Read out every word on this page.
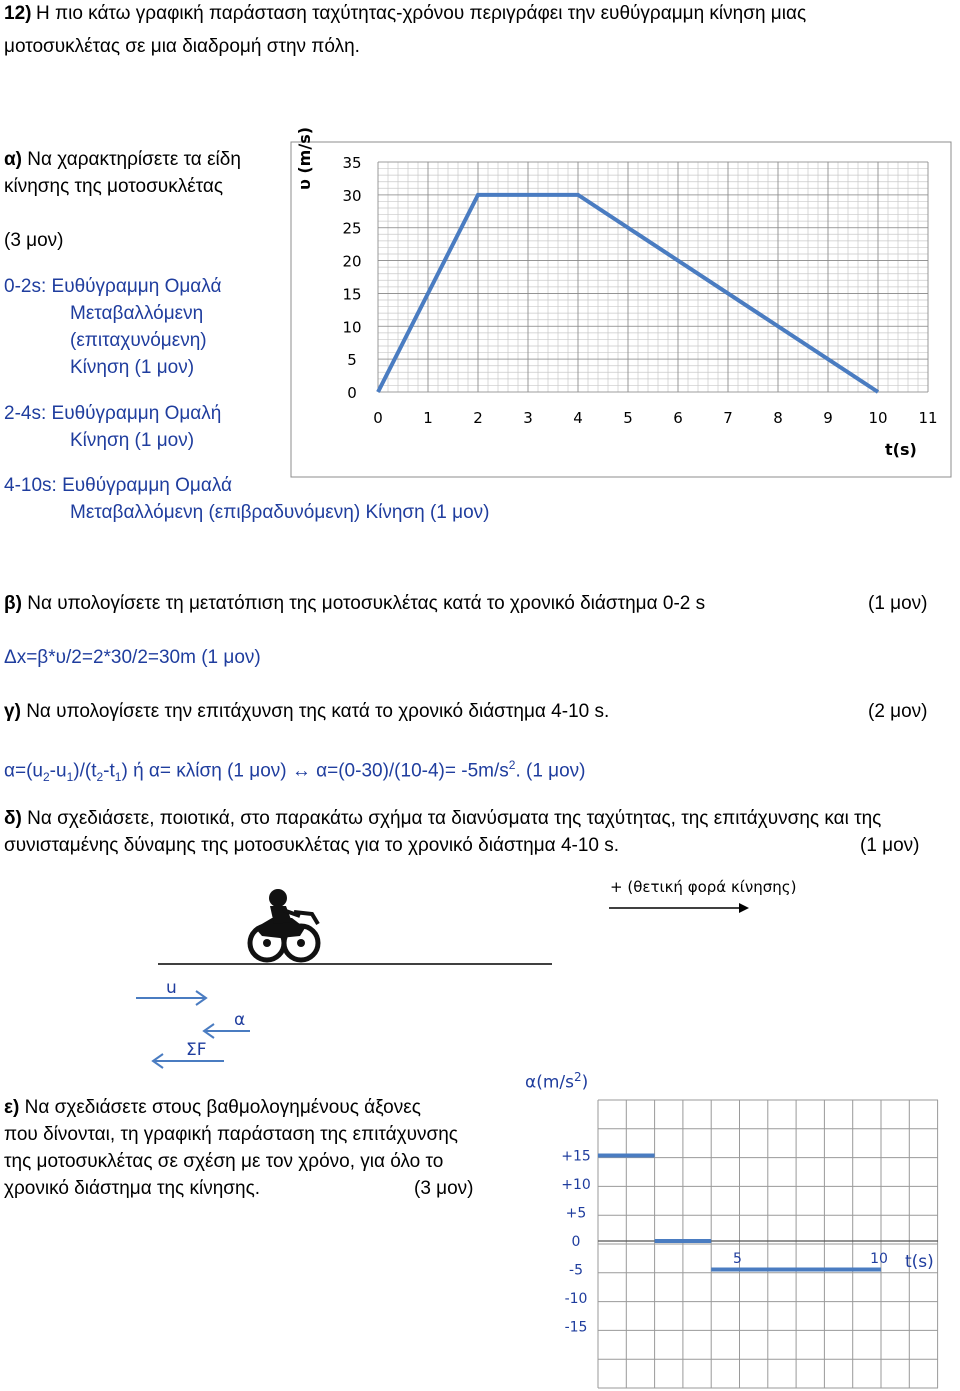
12) Η πιο κάτω γραφική παράσταση ταχύτητας-χρόνου περιγράφει την ευθύγραμμη κίνηση μιας
μοτοσυκλέτας σε μια διαδρομή στην πόλη.
α) Να χαρακτηρίσετε τα είδη
κίνησης της μοτοσυκλέτας
(3 μον)
0-2s: Ευθύγραμμη Ομαλά
Μεταβαλλόμενη
(επιταχυνόμενη)
Κίνηση (1 μον)
2-4s: Ευθύγραμμη Ομαλή
Κίνηση (1 μον)
4-10s: Ευθύγραμμη Ομαλά
Μεταβαλλόμενη (επιβραδυνόμενη) Κίνηση (1 μον)
0	1	2	3	4	5	6	7	8	9 10 11
0
5
10
15
20
25
30
35
+15
+10
+5
0
-5
-10
-15
5	10
υ (m/s)
t(s)
β) Να υπολογίσετε τη μετατόπιση της μοτοσυκλέτας κατά το χρονικό διάστημα 0-2 s	(1 μον)
Δx=β*υ/2=2*30/2=30m (1 μον)
γ) Να υπολογίσετε την επιτάχυνση της κατά το χρονικό διάστημα 4-10 s.	(2 μον)
$\alpha=(u_2-u_1)/(t_2-t_1)$ ή α= κλίση (1 μον) ↔ $\alpha=(0-30)/(10-4)= -5m/s^2$. (1 μον)
δ) Να σχεδιάσετε, ποιοτικά, στο παρακάτω σχήμα τα διανύσματα της ταχύτητας, της επιτάχυνσης και της
συνισταμένης δύναμης της μοτοσυκλέτας για το χρονικό διάστημα 4-10 s.	(1 μον)
+ (θετική φορά κίνησης)
u
α
ΣF
ε) Να σχεδιάσετε στους βαθμολογημένους άξονες
που δίνονται, τη γραφική παράσταση της επιτάχυνσης
της μοτοσυκλέτας σε σχέση με τον χρόνο, για όλο το
χρονικό διάστημα της κίνησης.	(3 μον)
$\alpha(m/s^2)$
t(s)
